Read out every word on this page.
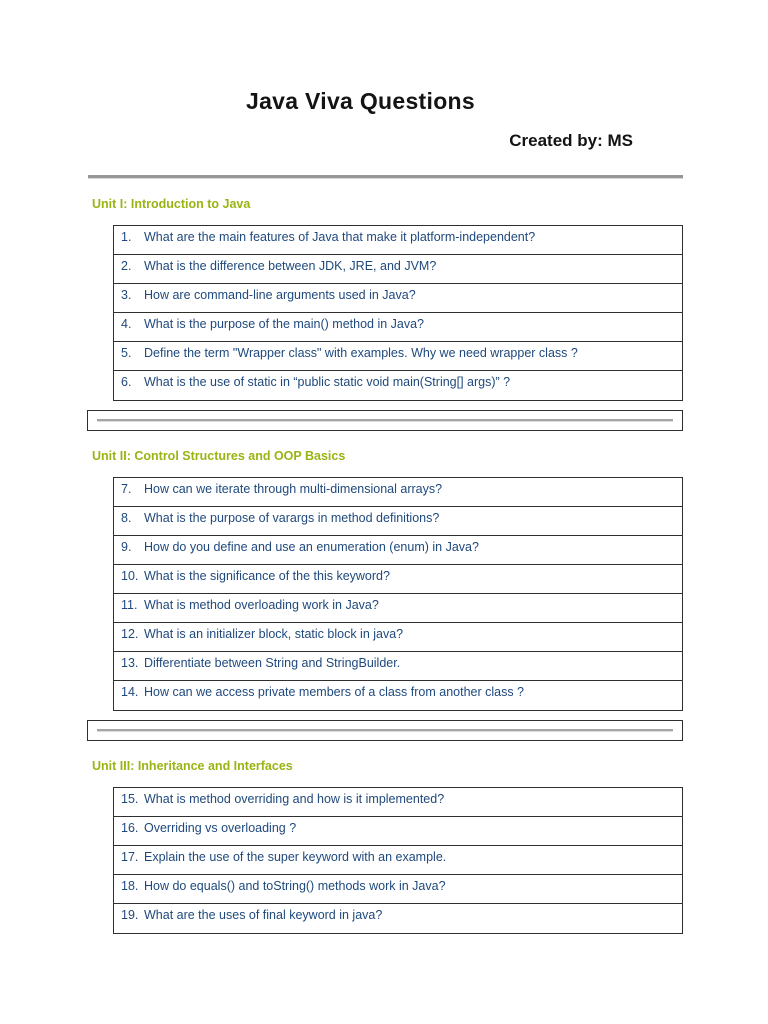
Java Viva Questions
Created by: MS
Unit I: Introduction to Java
1.	What are the main features of Java that make it platform-independent?
2.	What is the difference between JDK, JRE, and JVM?
3.	How are command-line arguments used in Java?
4.	What is the purpose of the main() method in Java?
5.	Define the term "Wrapper class" with examples. Why we need wrapper class ?
6.	What is the use of static in “public static void main(String[] args)” ?
Unit II: Control Structures and OOP Basics
7.	How can we iterate through multi-dimensional arrays?
8.	What is the purpose of varargs in method definitions?
9.	How do you define and use an enumeration (enum) in Java?
10. What is the significance of the this keyword?
11. What is method overloading work in Java?
12. What is an initializer block, static block in java?
13. Differentiate between String and StringBuilder.
14. How can we access private members of a class from another class ?
Unit III: Inheritance and Interfaces
15. What is method overriding and how is it implemented?
16. Overriding vs overloading ?
17. Explain the use of the super keyword with an example.
18. How do equals() and toString() methods work in Java?
19. What are the uses of final keyword in java?
